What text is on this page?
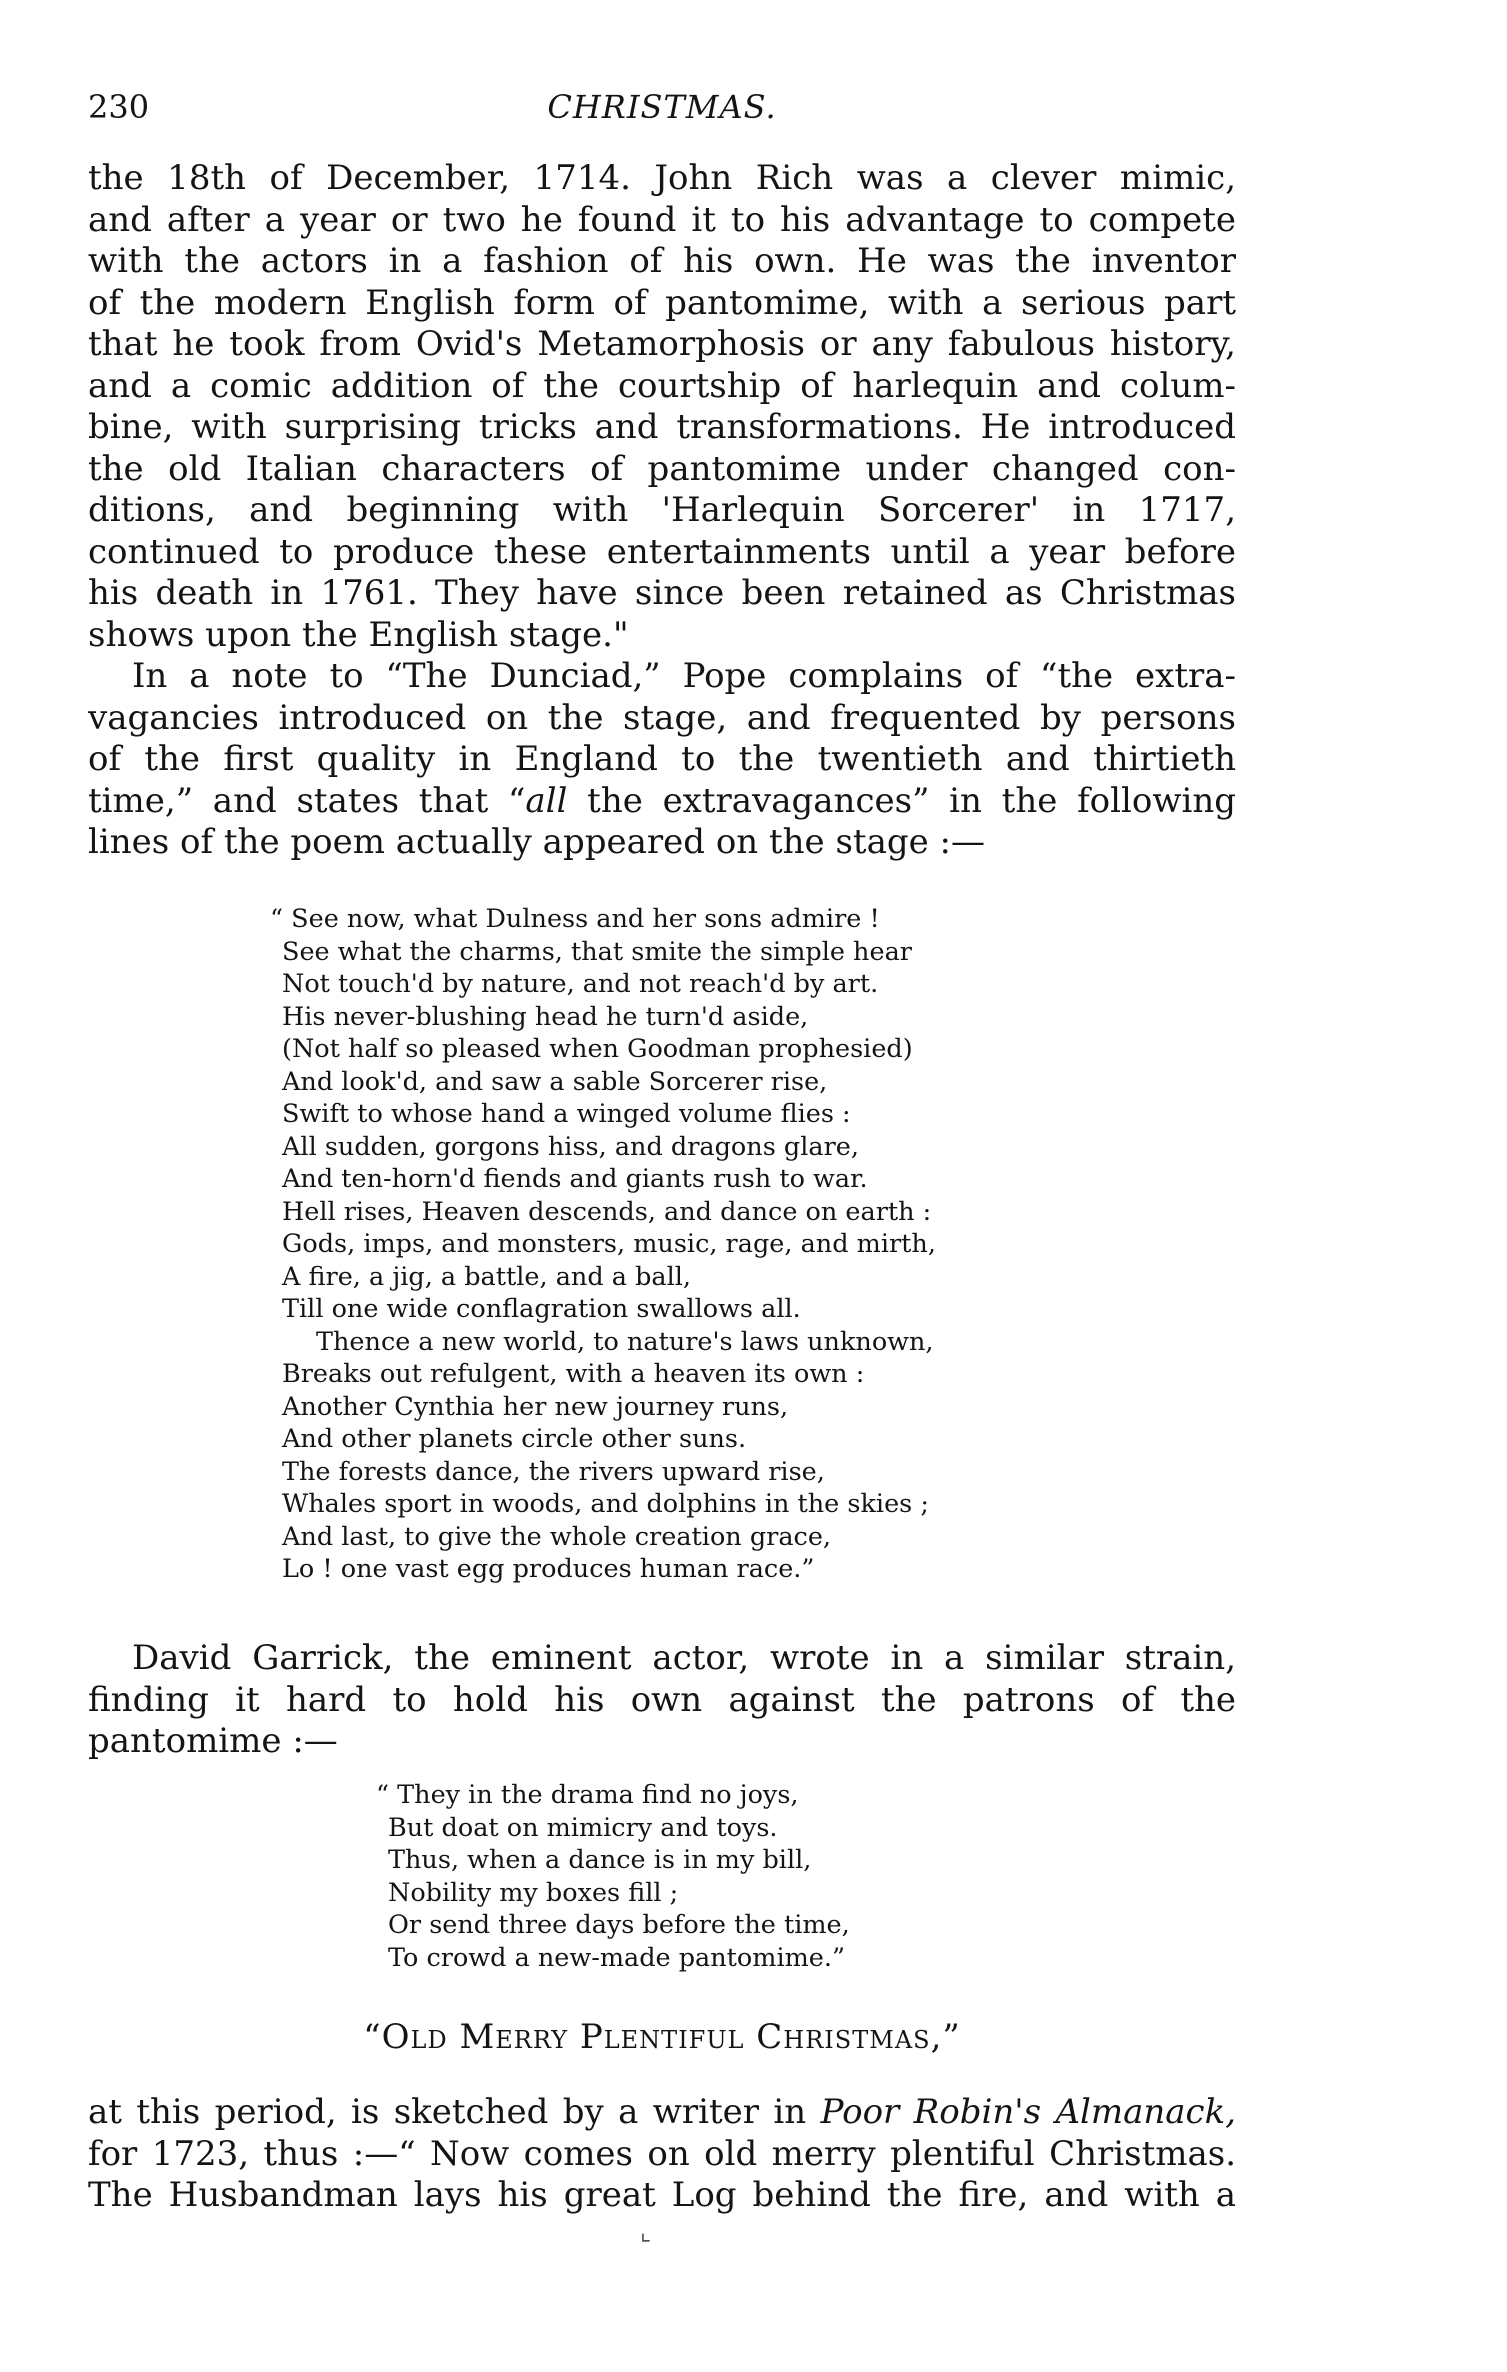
230	CHRISTMAS.
the 18th of December, 1714. John Rich was a clever mimic,
and after a year or two he found it to his advantage to compete
with the actors in a fashion of his own. He was the inventor
of the modern English form of pantomime, with a serious part
that he took from Ovid's Metamorphosis or any fabulous history,
and a comic addition of the courtship of harlequin and colum-
bine, with surprising tricks and transformations. He introduced
the old Italian characters of pantomime under changed con-
ditions, and beginning with 'Harlequin Sorcerer' in 1717,
continued to produce these entertainments until a year before
his death in 1761. They have since been retained as Christmas
shows upon the English stage."
In a note to “The Dunciad,” Pope complains of “the extra-
vagancies introduced on the stage, and frequented by persons
of the first quality in England to the twentieth and thirtieth
time,” and states that “all the extravagances” in the following
lines of the poem actually appeared on the stage :—
“ See now, what Dulness and her sons admire !
See what the charms, that smite the simple hear
Not touch'd by nature, and not reach'd by art.
His never-blushing head he turn'd aside,
(Not half so pleased when Goodman prophesied)
And look'd, and saw a sable Sorcerer rise,
Swift to whose hand a winged volume flies :
All sudden, gorgons hiss, and dragons glare,
And ten-horn'd fiends and giants rush to war.
Hell rises, Heaven descends, and dance on earth :
Gods, imps, and monsters, music, rage, and mirth,
A fire, a jig, a battle, and a ball,
Till one wide conflagration swallows all.
Thence a new world, to nature's laws unknown,
Breaks out refulgent, with a heaven its own :
Another Cynthia her new journey runs,
And other planets circle other suns.
The forests dance, the rivers upward rise,
Whales sport in woods, and dolphins in the skies ;
And last, to give the whole creation grace,
Lo ! one vast egg produces human race.”
David Garrick, the eminent actor, wrote in a similar strain,
finding it hard to hold his own against the patrons of the
pantomime :—
“ They in the drama find no joys,
But doat on mimicry and toys.
Thus, when a dance is in my bill,
Nobility my boxes fill ;
Or send three days before the time,
To crowd a new-made pantomime.”
“Old Merry Plentiful Christmas,”
at this period, is sketched by a writer in Poor Robin's Almanack,
for 1723, thus :—“ Now comes on old merry plentiful Christmas.
The Husbandman lays his great Log behind the fire, and with a
⌞
